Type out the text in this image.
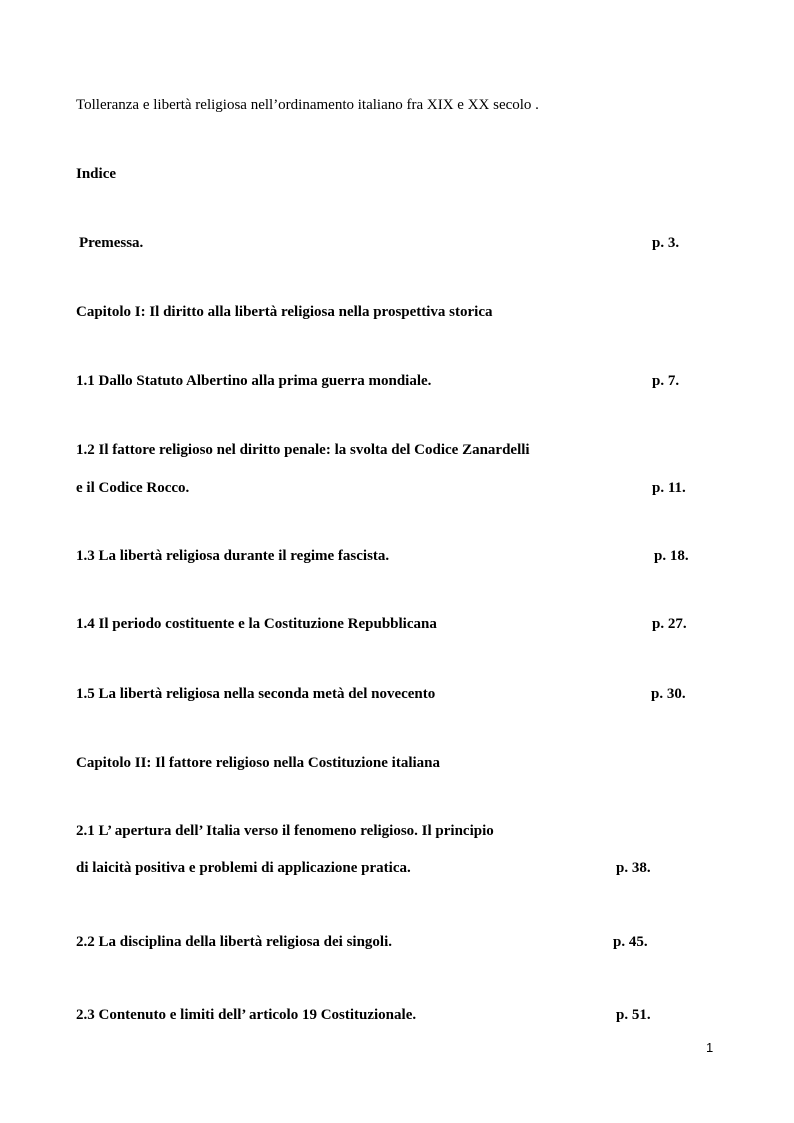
Tolleranza e libertà religiosa nell’ordinamento italiano fra XIX e XX secolo .
Indice
Premessa.	p. 3.
Capitolo I: Il diritto alla libertà religiosa nella prospettiva storica
1.1 Dallo Statuto Albertino alla prima guerra mondiale.	p. 7.
1.2 Il fattore religioso nel diritto penale: la svolta del Codice Zanardelli
e il Codice Rocco.	p. 11.
1.3 La libertà religiosa durante il regime fascista.	p. 18.
1.4 Il periodo costituente e la Costituzione Repubblicana	p. 27.
1.5 La libertà religiosa nella seconda metà del novecento	p. 30.
Capitolo II: Il fattore religioso nella Costituzione italiana
2.1 L’ apertura dell’ Italia verso il fenomeno religioso. Il principio
di laicità positiva e problemi di applicazione pratica.	p. 38.
2.2 La disciplina della libertà religiosa dei singoli.	p. 45.
2.3 Contenuto e limiti dell’ articolo 19 Costituzionale.	p. 51.
1
